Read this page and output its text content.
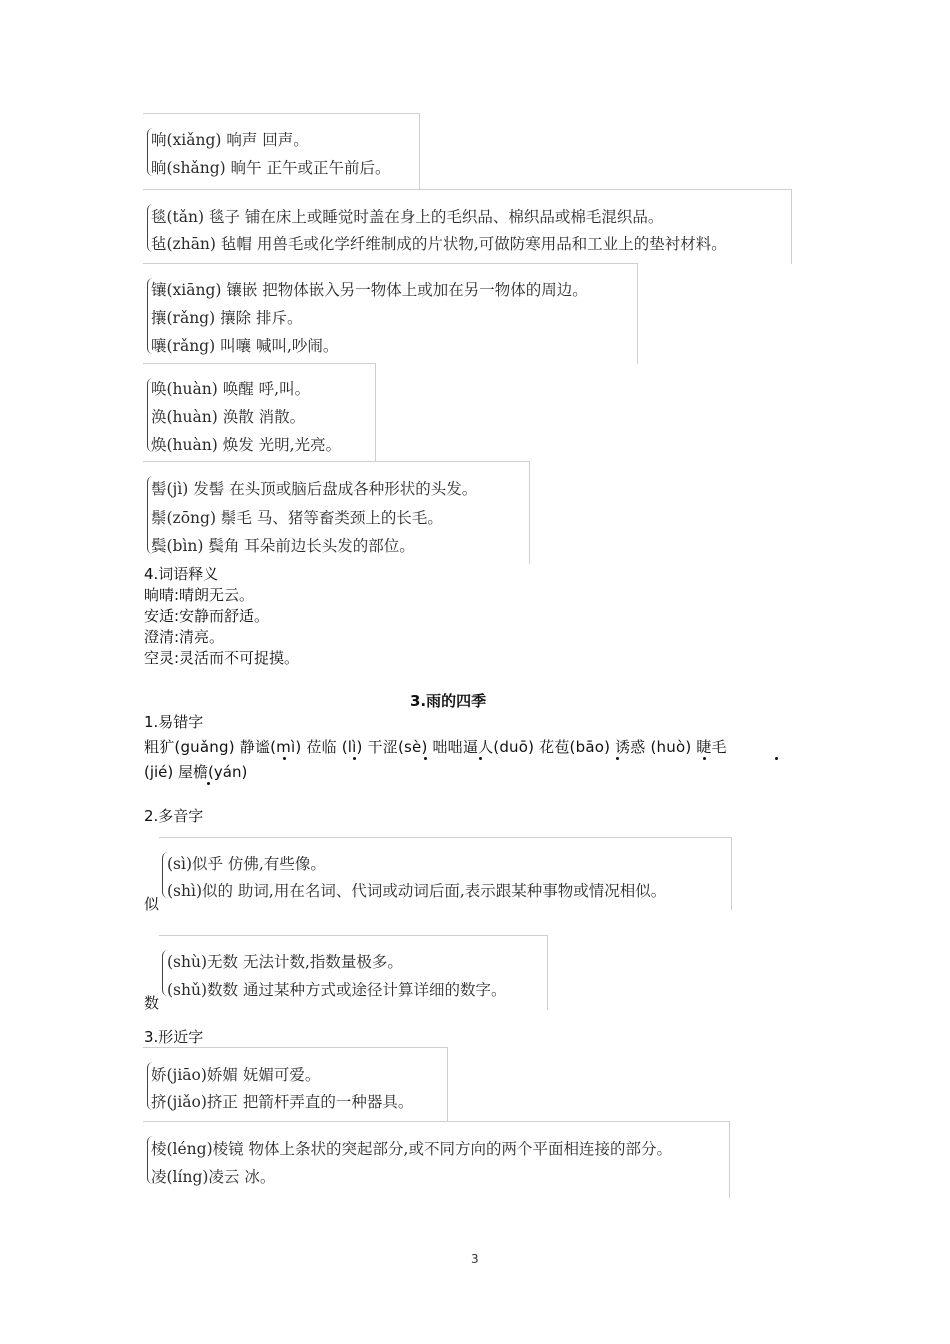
响(xiǎng) 响声 回声。
晌(shǎng) 晌午 正午或正午前后。
毯(tǎn) 毯子 铺在床上或睡觉时盖在身上的毛织品、棉织品或棉毛混织品。
毡(zhān) 毡帽 用兽毛或化学纤维制成的片状物,可做防寒用品和工业上的垫衬材料。
镶(xiāng) 镶嵌 把物体嵌入另一物体上或加在另一物体的周边。
攘(rǎng) 攘除 排斥。
嚷(rǎng) 叫嚷 喊叫,吵闹。
唤(huàn) 唤醒 呼,叫。
涣(huàn) 涣散 消散。
焕(huàn) 焕发 光明,光亮。
髻(jì) 发髻 在头顶或脑后盘成各种形状的头发。
鬃(zōng) 鬃毛 马、猪等畜类颈上的长毛。
鬓(bìn) 鬓角 耳朵前边长头发的部位。
4.词语释义
晌晴:晴朗无云。
安适:安静而舒适。
澄清:清亮。
空灵:灵活而不可捉摸。
3.雨的四季
1.易错字
粗犷(guǎng) 静谧(mì) 莅临 (lì) 干涩(sè) 咄咄逼人(duō) 花苞(bāo) 诱惑 (huò) 睫毛
(jié) 屋檐(yán)
2.多音字
(sì)似乎 仿佛,有些像。
(shì)似的 助词,用在名词、代词或动词后面,表示跟某种事物或情况相似。
似
(shù)无数 无法计数,指数量极多。
(shǔ)数数 通过某种方式或途径计算详细的数字。
数
3.形近字
娇(jiāo)娇媚 妩媚可爱。
挤(jiǎo)挤正 把箭杆弄直的一种器具。
棱(léng)棱镜 物体上条状的突起部分,或不同方向的两个平面相连接的部分。
凌(líng)凌云 冰。
3
